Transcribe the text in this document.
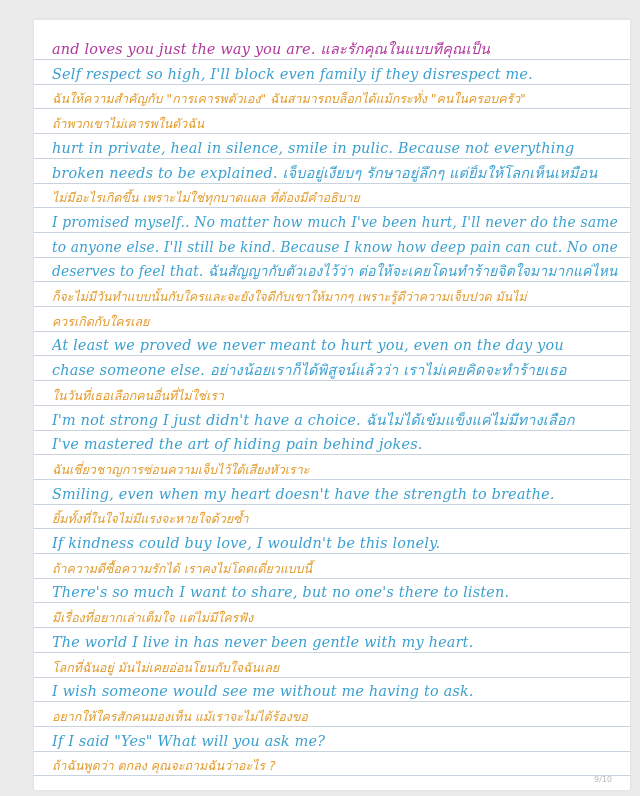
and loves you just the way you are. และรักคุณในแบบที่คุณเป็น
Self respect so high, I'll block even family if they disrespect me.
ฉันให้ความสำคัญกับ "การเคารพตัวเอง" ฉันสามารถบล็อกได้แม้กระทั่ง "คนในครอบครัว"
ถ้าพวกเขาไม่เคารพในตัวฉัน
hurt in private, heal in silence, smile in pulic. Because not everything
broken needs to be explained. เจ็บอยู่เงียบๆ รักษาอยู่ลึกๆ แต่ยิ้มให้โลกเห็นเหมือน
ไม่มีอะไรเกิดขึ้น เพราะไม่ใช่ทุกบาดแผล ที่ต้องมีคำอธิบาย
I promised myself.. No matter how much I've been hurt, I'll never do the same
to anyone else. I'll still be kind. Because I know how deep pain can cut. No one
deserves to feel that. ฉันสัญญากับตัวเองไว้ว่า ต่อให้จะเคยโดนทำร้ายจิตใจมามากแค่ไหน
ก็จะไม่มีวันทำแบบนั้นกับใครและจะยังใจดีกับเขาให้มากๆ เพราะรู้ดีว่าความเจ็บปวด มันไม่
ควรเกิดกับใครเลย
At least we proved we never meant to hurt you, even on the day you
chase someone else. อย่างน้อยเราก็ได้พิสูจน์แล้วว่า เราไม่เคยคิดจะทำร้ายเธอ
ในวันที่เธอเลือกคนอื่นที่ไม่ใช่เรา
I'm not strong I just didn't have a choice. ฉันไม่ได้เข้มแข็งแค่ไม่มีทางเลือก
I've mastered the art of hiding pain behind jokes.
ฉันเชี่ยวชาญการซ่อนความเจ็บไว้ใต้เสียงหัวเราะ
Smiling, even when my heart doesn't have the strength to breathe.
ยิ้มทั้งที่ในใจไม่มีแรงจะหายใจด้วยซ้ำ
If kindness could buy love, I wouldn't be this lonely.
ถ้าความดีซื้อความรักได้ เราคงไม่โดดเดี่ยวแบบนี้
There's so much I want to share, but no one's there to listen.
มีเรื่องที่อยากเล่าเต็มใจ แต่ไม่มีใครฟัง
The world I live in has never been gentle with my heart.
โลกที่ฉันอยู่ มันไม่เคยอ่อนโยนกับใจฉันเลย
I wish someone would see me without me having to ask.
อยากให้ใครสักคนมองเห็น แม้เราจะไม่ได้ร้องขอ
If I said "Yes" What will you ask me?
ถ้าฉันพูดว่า ตกลง คุณจะถามฉันว่าอะไร ?
9/10
